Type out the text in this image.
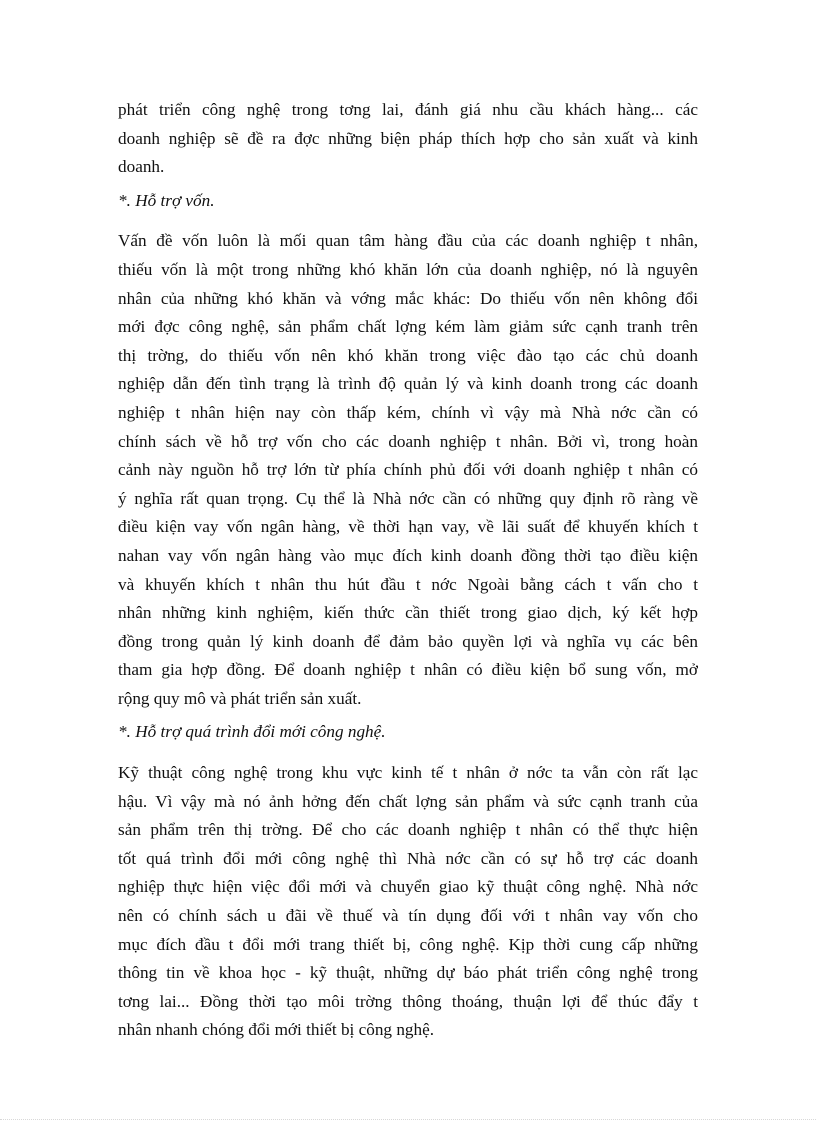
phát triển công nghệ trong tơng lai, đánh giá nhu cầu khách hàng... các
doanh nghiệp sẽ đề ra đợc những biện pháp thích hợp cho sản xuất và kinh
doanh.
*. Hỗ trợ vốn.
Vấn đề vốn luôn là mối quan tâm hàng đầu của các doanh nghiệp t nhân,
thiếu vốn là một trong những khó khăn lớn của doanh nghiệp, nó là nguyên
nhân của những khó khăn và vớng mắc khác: Do thiếu vốn nên không đổi
mới đợc công nghệ, sản phẩm chất lợng kém làm giảm sức cạnh tranh trên
thị trờng, do thiếu vốn nên khó khăn trong việc đào tạo các chủ doanh
nghiệp dẫn đến tình trạng là trình độ quản lý và kinh doanh trong các doanh
nghiệp t nhân hiện nay còn thấp kém, chính vì vậy mà Nhà nớc cần có
chính sách về hỗ trợ vốn cho các doanh nghiệp t nhân. Bởi vì, trong hoàn
cảnh này nguồn hỗ trợ lớn từ phía chính phủ đối với doanh nghiệp t nhân có
ý nghĩa rất quan trọng. Cụ thể là Nhà nớc cần có những quy định rõ ràng về
điều kiện vay vốn ngân hàng, về thời hạn vay, về lãi suất để khuyến khích t
nahan vay vốn ngân hàng vào mục đích kinh doanh đồng thời tạo điều kiện
và khuyến khích t nhân thu hút đầu t nớc Ngoài bằng cách t vấn cho t
nhân những kinh nghiệm, kiến thức cần thiết trong giao dịch, ký kết hợp
đồng trong quản lý kinh doanh để đảm bảo quyền lợi và nghĩa vụ các bên
tham gia hợp đồng. Để doanh nghiệp t nhân có điều kiện bổ sung vốn, mở
rộng quy mô và phát triển sản xuất.
*. Hỗ trợ quá trình đổi mới công nghệ.
Kỹ thuật công nghệ trong khu vực kinh tế t nhân ở nớc ta vẫn còn rất lạc
hậu. Vì vậy mà nó ảnh hởng đến chất lợng sản phẩm và sức cạnh tranh của
sản phẩm trên thị trờng. Để cho các doanh nghiệp t nhân có thể thực hiện
tốt quá trình đổi mới công nghệ thì Nhà nớc cần có sự hỗ trợ các doanh
nghiệp thực hiện việc đổi mới và chuyển giao kỹ thuật công nghệ. Nhà nớc
nên có chính sách u đãi về thuế và tín dụng đối với t nhân vay vốn cho
mục đích đầu t đổi mới trang thiết bị, công nghệ. Kịp thời cung cấp những
thông tin về khoa học - kỹ thuật, những dự báo phát triển công nghệ trong
tơng lai... Đồng thời tạo môi trờng thông thoáng, thuận lợi để thúc đẩy t
nhân nhanh chóng đổi mới thiết bị công nghệ.
